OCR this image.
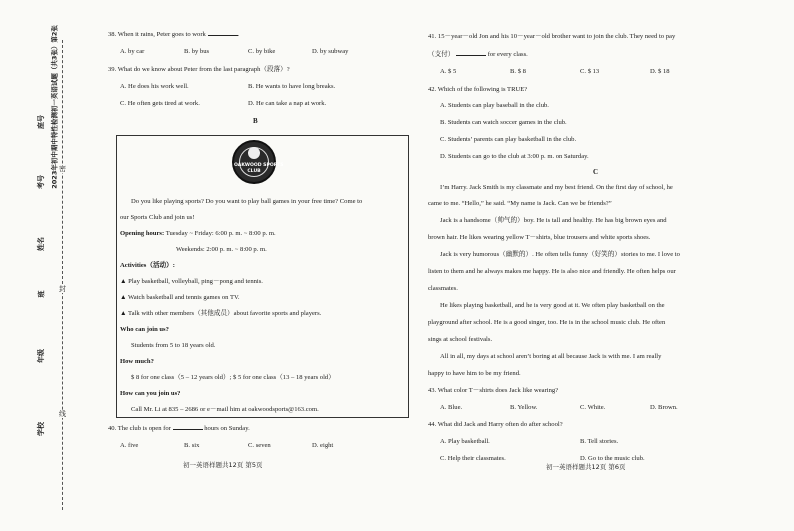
2023年初中期中特性检测初一英语试题（共3张）第2张 密
封
线
学校
年级
班
姓名
考号
座号
38. When it rains, Peter goes to work	.
A. by car	B. by bus	C. by bike	D. by subway
39. What do we know about Peter from the last paragraph（段落）?
A. He does his work well.	B. He wants to have long breaks.
C. He often gets tired at work.	D. He can take a nap at work.
B
OAKWOOD SPORTS
CLUB
Do you like playing sports? Do you want to play ball games in your free time? Come to
our Sports Club and join us!
Opening hours: Tuesday ~ Friday: 6:00 p. m. ~ 8:00 p. m.
Weekends: 2:00 p. m. ~ 8:00 p. m.
Activities（活动）:
▲ Play basketball, volleyball, ping－pong and tennis.
▲ Watch basketball and tennis games on TV.
▲ Talk with other members（其他成员）about favorite sports and players.
Who can join us?
Students from 5 to 18 years old.
How much?
$ 8 for one class（5 – 12 years old）; $ 5 for one class（13 – 18 years old）
How can you join us?
Call Mr. Li at 835 – 2686 or e－mail him at oakwoodsports@163.com.
40. The club is open for	hours on Sunday.
A. five	B. six	C. seven	D. eight
初一英语样题共12页 第5页
41. 15－year－old Jon and his 10－year－old brother want to join the club. They need to pay
（支付）	for every class.
A. $ 5	B. $ 8	C. $ 13	D. $ 18
42. Which of the following is TRUE?
A. Students can play baseball in the club.
B. Students can watch soccer games in the club.
C. Students’ parents can play basketball in the club.
D. Students can go to the club at 3:00 p. m. on Saturday.
C
I’m Harry. Jack Smith is my classmate and my best friend. On the first day of school, he
came to me. “Hello,” he said. “My name is Jack. Can we be friends?”
Jack is a handsome（帅气的）boy. He is tall and healthy. He has big brown eyes and
brown hair. He likes wearing yellow T－shirts, blue trousers and white sports shoes.
Jack is very humorous（幽默的）. He often tells funny（好笑的）stories to me. I love to
listen to them and he always makes me happy. He is also nice and friendly. He often helps our
classmates.
He likes playing basketball, and he is very good at it. We often play basketball on the
playground after school. He is a good singer, too. He is in the school music club. He often
sings at school festivals.
All in all, my days at school aren’t boring at all because Jack is with me. I am really
happy to have him to be my friend.
43. What color T－shirts does Jack like wearing?
A. Blue.	B. Yellow.	C. White.	D. Brown.
44. What did Jack and Harry often do after school?
A. Play basketball.	B. Tell stories.
C. Help their classmates.	D. Go to the music club.
初一英语样题共12页 第6页
